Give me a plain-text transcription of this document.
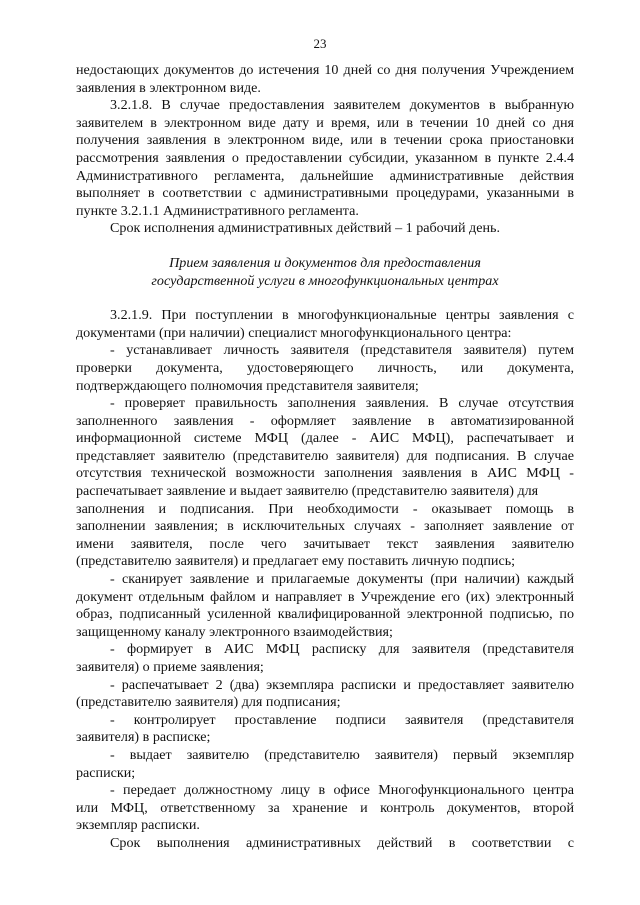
23
недостающих документов до истечения 10 дней со дня получения Учреждением
заявления в электронном виде.
3.2.1.8. В случае предоставления заявителем документов в выбранную
заявителем в электронном виде дату и время, или в течении 10 дней со дня
получения заявления в электронном виде, или в течении срока приостановки
рассмотрения заявления о предоставлении субсидии, указанном в пункте 2.4.4
Административного регламента, дальнейшие административные действия
выполняет в соответствии с административными процедурами, указанными в
пункте 3.2.1.1 Административного регламента.
Срок исполнения административных действий – 1 рабочий день.
Прием заявления и документов для предоставления
государственной услуги в многофункциональных центрах
3.2.1.9. При поступлении в многофункциональные центры заявления с
документами (при наличии) специалист многофункционального центра:
- устанавливает личность заявителя (представителя заявителя) путем
проверки документа, удостоверяющего личность, или документа,
подтверждающего полномочия представителя заявителя;
- проверяет правильность заполнения заявления. В случае отсутствия
заполненного заявления - оформляет заявление в автоматизированной
информационной системе МФЦ (далее - АИС МФЦ), распечатывает и
представляет заявителю (представителю заявителя) для подписания. В случае
отсутствия технической возможности заполнения заявления в АИС МФЦ -
распечатывает заявление и выдает заявителю (представителю заявителя) для
заполнения и подписания. При необходимости - оказывает помощь в
заполнении заявления; в исключительных случаях - заполняет заявление от
имени заявителя, после чего зачитывает текст заявления заявителю
(представителю заявителя) и предлагает ему поставить личную подпись;
- сканирует заявление и прилагаемые документы (при наличии) каждый
документ отдельным файлом и направляет в Учреждение его (их) электронный
образ, подписанный усиленной квалифицированной электронной подписью, по
защищенному каналу электронного взаимодействия;
- формирует в АИС МФЦ расписку для заявителя (представителя
заявителя) о приеме заявления;
- распечатывает 2 (два) экземпляра расписки и предоставляет заявителю
(представителю заявителя) для подписания;
- контролирует проставление подписи заявителя (представителя
заявителя) в расписке;
- выдает заявителю (представителю заявителя) первый экземпляр
расписки;
- передает должностному лицу в офисе Многофункционального центра
или МФЦ, ответственному за хранение и контроль документов, второй
экземпляр расписки.
Срок выполнения административных действий в соответствии с
